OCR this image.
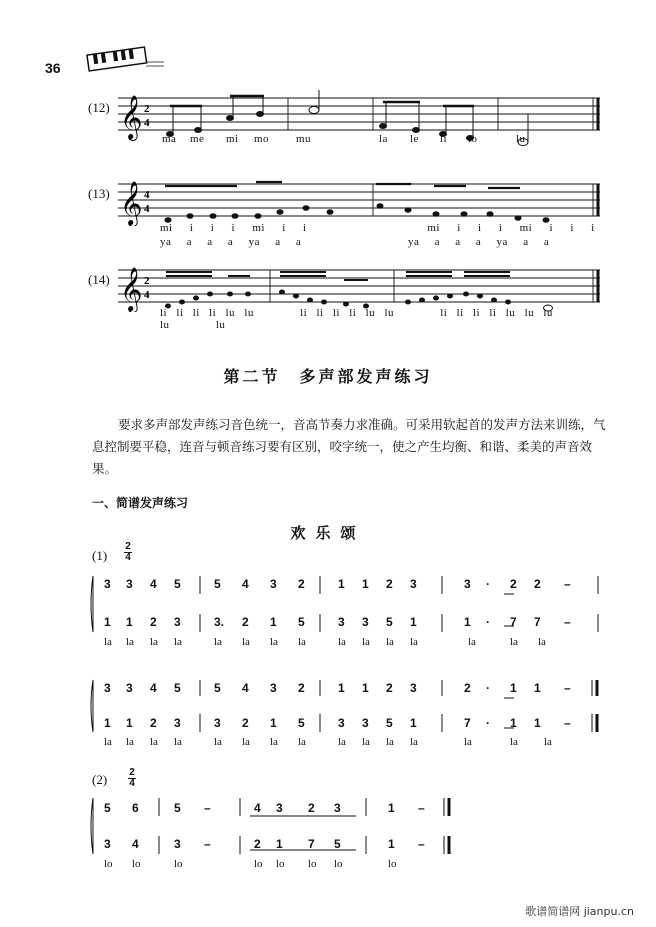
36
(12) 𝄞 2
4
ma me mi mo mu	la le li lo	lu
(13) 𝄞 4
4
mi i i i mi i i	mi i i i mi i i i
ya a a a ya a a	ya a a a ya a a
(14) 𝄞 2
4
li li li li lu lu	li li li li lu lu	li li li li lu lu lu lu	lu
第二节　多声部发声练习
要求多声部发声练习音色统一，音高节奏力求准确。可采用软起首的发声方法来训练，气息控制要平稳，连音与顿音练习要有区别，咬字统一，使之产生均衡、和谐、柔美的声音效果。
一、简谱发声练习
欢乐颂
(1)
2
4
3 3 4 5	5 4 3 2	1 1 2 3	3 · 2 2 –
1 1 2 3	3. 2 1 5	3 3 5 1	1 · 7 7 –
la la la la	la la la la	la la la la	la	la la
3 3 4 5	5 4 3 2	1 1 2 3	2 · 1 1 –
1 1 2 3	3 2 1 5	3 3 5 1	7 · 1 1 –
la la la la	la la la la	la la la la	la	la la
(2) 2
4
5 6	5 –	4 3 2 3	1 –
3 4	3 –	2 1 7 5	1 –
lo lo	lo	lo lo lo lo	lo
歌谱简谱网 jianpu.cn
